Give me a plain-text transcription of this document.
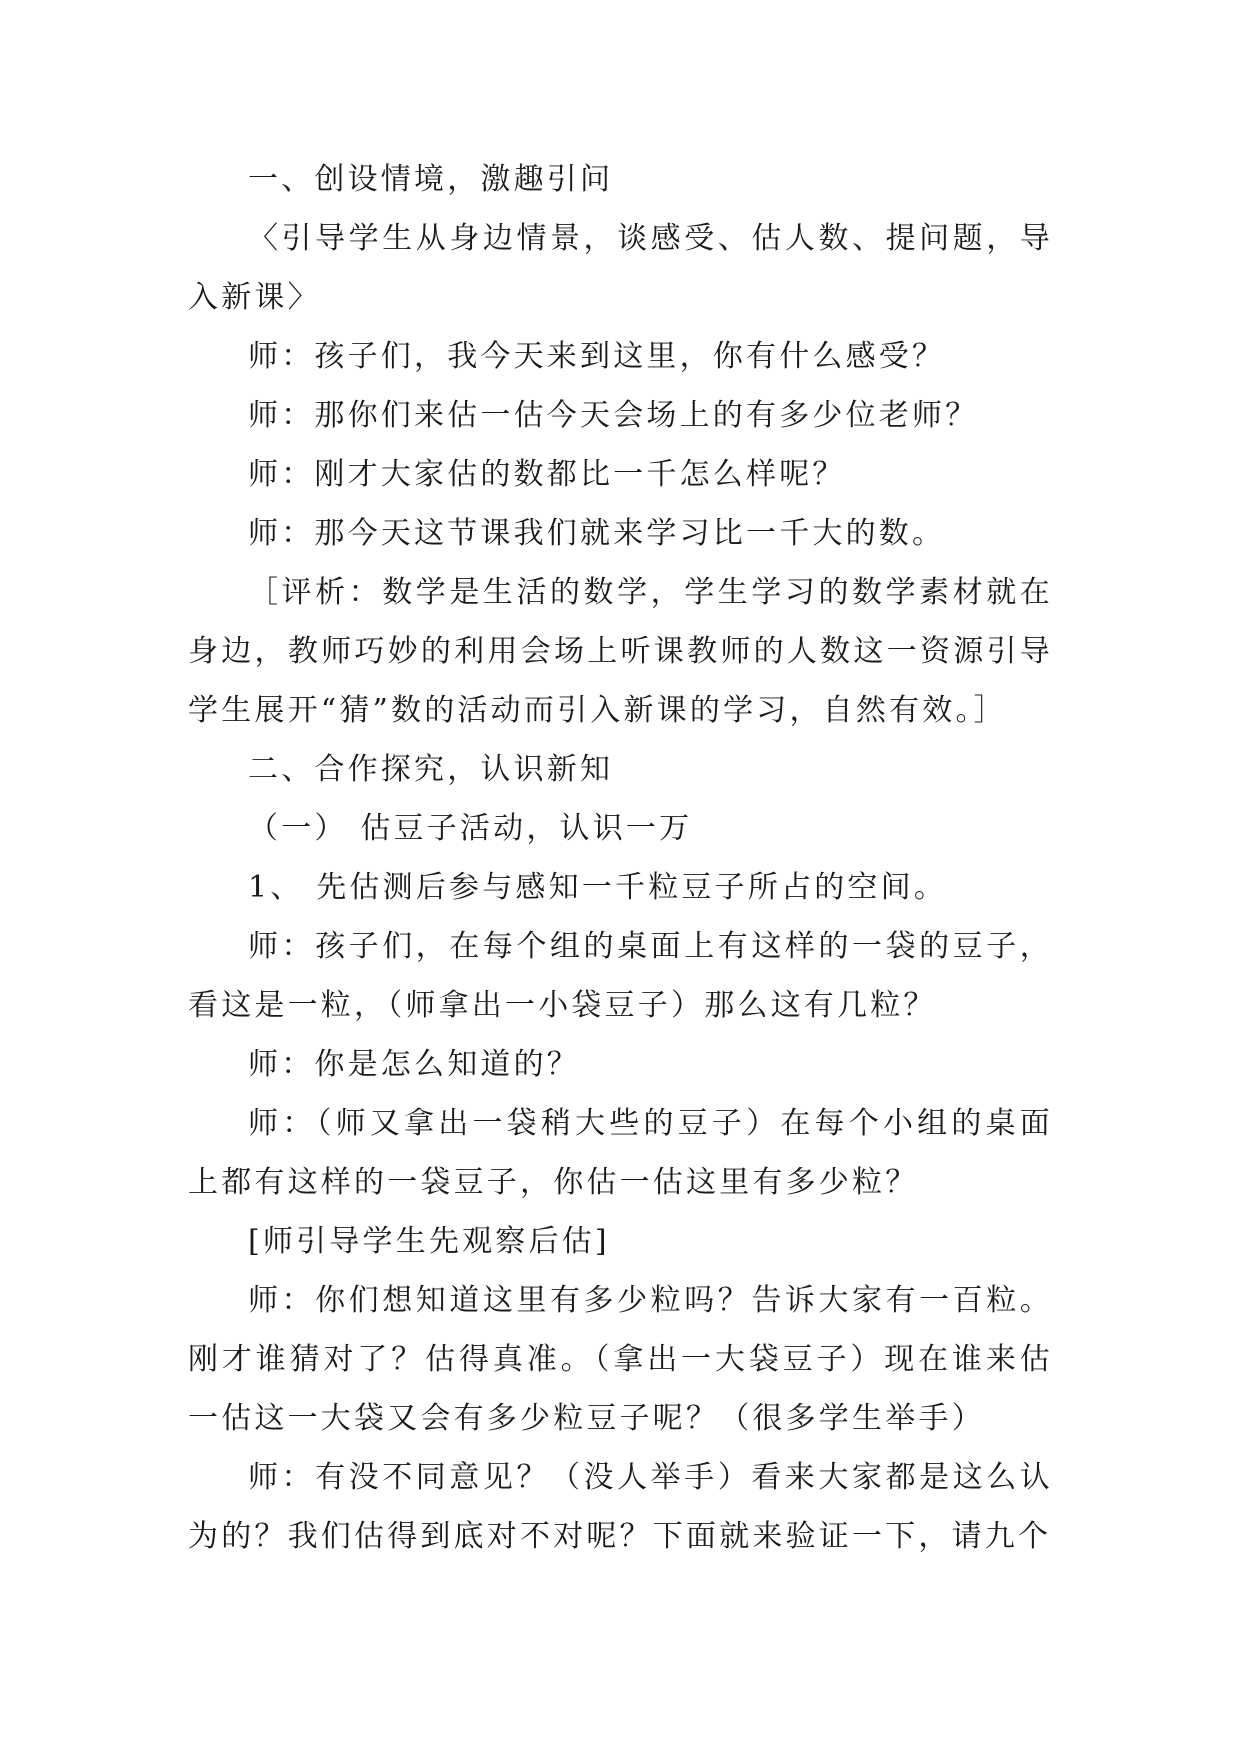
一、创设情境，激趣引问

〈引导学生从身边情景，谈感受、估人数、提问题，导入新课〉

师：孩子们，我今天来到这里，你有什么感受？

师：那你们来估一估今天会场上的有多少位老师？

师：刚才大家估的数都比一千怎么样呢？

师：那今天这节课我们就来学习比一千大的数。

［评析：数学是生活的数学，学生学习的数学素材就在身边，教师巧妙的利用会场上听课教师的人数这一资源引导学生展开“猜”数的活动而引入新课的学习，自然有效。］

二、合作探究，认识新知

（一） 估豆子活动，认识一万

1、 先估测后参与感知一千粒豆子所占的空间。

师：孩子们，在每个组的桌面上有这样的一袋的豆子，看这是一粒，（师拿出一小袋豆子）那么这有几粒？

师：你是怎么知道的？

师：（师又拿出一袋稍大些的豆子）在每个小组的桌面上都有这样的一袋豆子，你估一估这里有多少粒？

[师引导学生先观察后估]

师：你们想知道这里有多少粒吗？告诉大家有一百粒。刚才谁猜对了？估得真准。（拿出一大袋豆子）现在谁来估一估这一大袋又会有多少粒豆子呢？（很多学生举手）

师：有没不同意见？（没人举手）看来大家都是这么认为的？我们估得到底对不对呢？下面就来验证一下，请九个
